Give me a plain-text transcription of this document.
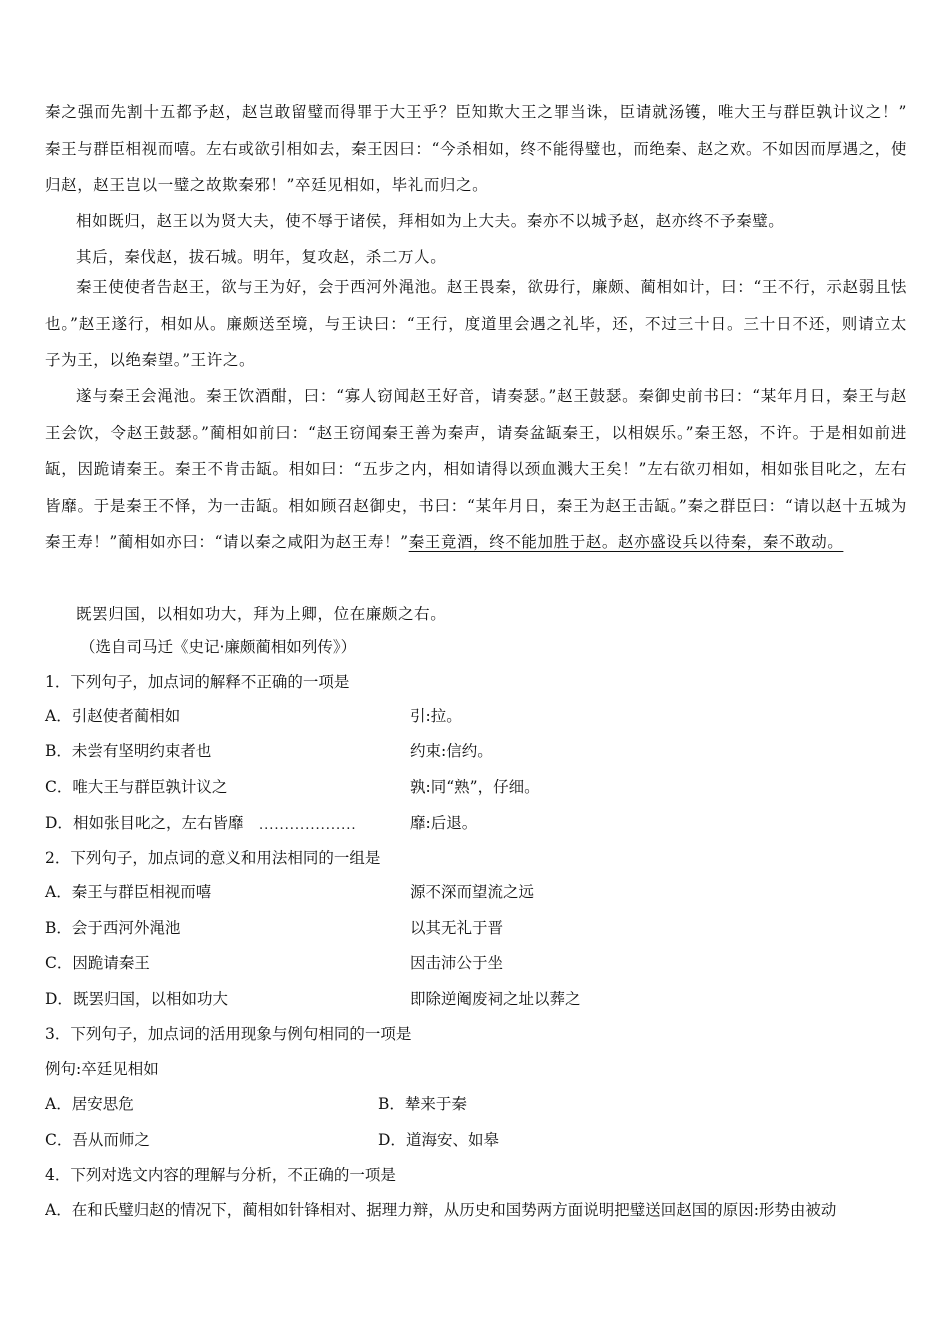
秦之强而先割十五都予赵，赵岂敢留璧而得罪于大王乎？臣知欺大王之罪当诛，臣请就汤镬，唯大王与群臣孰计议之！” 秦王与群臣相视而嘻。左右或欲引相如去，秦王因曰：“今杀相如，终不能得璧也，而绝秦、赵之欢。不如因而厚遇之，使归赵，赵王岂以一璧之故欺秦邪！”卒廷见相如，毕礼而归之。
相如既归，赵王以为贤大夫，使不辱于诸侯，拜相如为上大夫。秦亦不以城予赵，赵亦终不予秦璧。
其后，秦伐赵，拔石城。明年，复攻赵，杀二万人。
秦王使使者告赵王，欲与王为好，会于西河外渑池。赵王畏秦，欲毋行，廉颇、蔺相如计，曰：“王不行，示赵弱且怯也。”赵王遂行，相如从。廉颇送至境，与王诀曰：“王行，度道里会遇之礼毕，还，不过三十日。三十日不还，则请立太子为王，以绝秦望。”王许之。
遂与秦王会渑池。秦王饮酒酣，曰：“寡人窃闻赵王好音，请奏瑟。”赵王鼓瑟。秦御史前书曰：“某年月日，秦王与赵王会饮，令赵王鼓瑟。”蔺相如前曰：“赵王窃闻秦王善为秦声，请奏盆缻秦王，以相娱乐。”秦王怒，不许。于是相如前进缻，因跪请秦王。秦王不肯击缻。相如曰：“五步之内，相如请得以颈血溅大王矣！”左右欲刃相如，相如张目叱之，左右皆靡。于是秦王不怿，为一击缻。相如顾召赵御史，书曰：“某年月日，秦王为赵王击缻。”秦之群臣曰：“请以赵十五城为秦王寿！”蔺相如亦曰：“请以秦之咸阳为赵王寿！”秦王竟酒，终不能加胜于赵。赵亦盛设兵以待秦，秦不敢动。
既罢归国，以相如功大，拜为上卿，位在廉颇之右。
（选自司马迁《史记·廉颇蔺相如列传》）
1．下列句子，加点词的解释不正确的一项是
A．引赵使者蔺相如	引:拉。
B．未尝有坚明约束者也	约束:信约。
C．唯大王与群臣孰计议之	孰:同“熟”，仔细。
D．相如张目叱之，左右皆靡 ...................	靡:后退。
2．下列句子，加点词的意义和用法相同的一组是
A．秦王与群臣相视而嘻	源不深而望流之远
B．会于西河外渑池	以其无礼于晋
C．因跪请秦王	因击沛公于坐
D．既罢归国，以相如功大	即除逆阉废祠之址以葬之
3．下列句子，加点词的活用现象与例句相同的一项是
例句:卒廷见相如
A．居安思危	B．辇来于秦
C．吾从而师之	D．道海安、如皋
4．下列对选文内容的理解与分析，不正确的一项是
A．在和氏璧归赵的情况下，蔺相如针锋相对、据理力辩，从历史和国势两方面说明把璧送回赵国的原因:形势由被动
